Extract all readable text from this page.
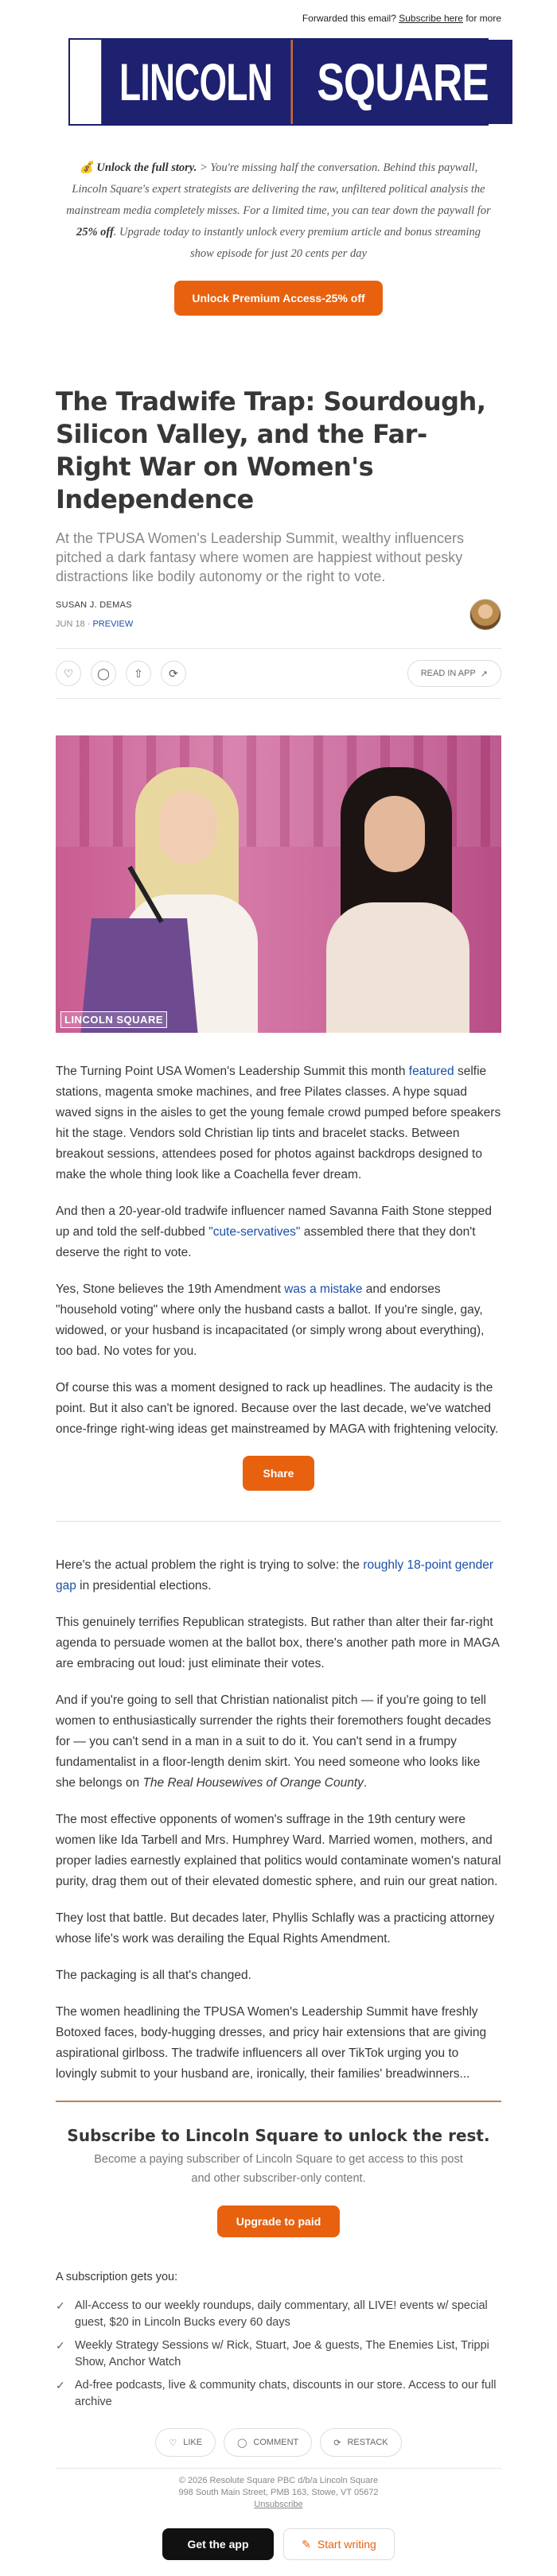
Forwarded this email? Subscribe here for more
LINCOLN SQUARE
💰 Unlock the full story. > You're missing half the conversation. Behind this paywall, Lincoln Square's expert strategists are delivering the raw, unfiltered political analysis the mainstream media completely misses. For a limited time, you can tear down the paywall for 25% off. Upgrade today to instantly unlock every premium article and bonus streaming show episode for just 20 cents per day
Unlock Premium Access-25% off
The Tradwife Trap: Sourdough, Silicon Valley, and the Far-Right War on Women's Independence
At the TPUSA Women's Leadership Summit, wealthy influencers pitched a dark fantasy where women are happiest without pesky distractions like bodily autonomy or the right to vote.
SUSAN J. DEMAS
JUN 18 · PREVIEW
♡	◯	⇧	⟳	READ IN APP ↗
LINCOLN SQUARE

The Turning Point USA Women's Leadership Summit this month featured selfie stations, magenta smoke machines, and free Pilates classes. A hype squad waved signs in the aisles to get the young female crowd pumped before speakers hit the stage. Vendors sold Christian lip tints and bracelet stacks. Between breakout sessions, attendees posed for photos against backdrops designed to make the whole thing look like a Coachella fever dream.

And then a 20-year-old tradwife influencer named Savanna Faith Stone stepped up and told the self-dubbed "cute-servatives" assembled there that they don't deserve the right to vote.

Yes, Stone believes the 19th Amendment was a mistake and endorses "household voting" where only the husband casts a ballot. If you're single, gay, widowed, or your husband is incapacitated (or simply wrong about everything), too bad. No votes for you.

Of course this was a moment designed to rack up headlines. The audacity is the point. But it also can't be ignored. Because over the last decade, we've watched once-fringe right-wing ideas get mainstreamed by MAGA with frightening velocity.

Share

Here's the actual problem the right is trying to solve: the roughly 18-point gender gap in presidential elections.

This genuinely terrifies Republican strategists. But rather than alter their far-right agenda to persuade women at the ballot box, there's another path more in MAGA are embracing out loud: just eliminate their votes.

And if you're going to sell that Christian nationalist pitch — if you're going to tell women to enthusiastically surrender the rights their foremothers fought decades for — you can't send in a man in a suit to do it. You can't send in a frumpy fundamentalist in a floor-length denim skirt. You need someone who looks like she belongs on The Real Housewives of Orange County.

The most effective opponents of women's suffrage in the 19th century were women like Ida Tarbell and Mrs. Humphrey Ward. Married women, mothers, and proper ladies earnestly explained that politics would contaminate women's natural purity, drag them out of their elevated domestic sphere, and ruin our great nation.

They lost that battle. But decades later, Phyllis Schlafly was a practicing attorney whose life's work was derailing the Equal Rights Amendment.

The packaging is all that's changed.

The women headlining the TPUSA Women's Leadership Summit have freshly Botoxed faces, body-hugging dresses, and pricy hair extensions that are giving aspirational girlboss. The tradwife influencers all over TikTok urging you to lovingly submit to your husband are, ironically, their families' breadwinners...

Subscribe to Lincoln Square to unlock the rest.
Become a paying subscriber of Lincoln Square to get access to this post and other subscriber-only content.
Upgrade to paid
A subscription gets you:
✓ All-Access to our weekly roundups, daily commentary, all LIVE! events w/ special guest, $20 in Lincoln Bucks every 60 days
✓ Weekly Strategy Sessions w/ Rick, Stuart, Joe & guests, The Enemies List, Trippi Show, Anchor Watch
✓ Ad-free podcasts, live & community chats, discounts in our store. Access to our full archive
♡ LIKE	◯ COMMENT	⟳ RESTACK
© 2026 Resolute Square PBC d/b/a Lincoln Square
998 South Main Street, PMB 163, Stowe, VT 05672
Unsubscribe
Get the app	✎ Start writing
